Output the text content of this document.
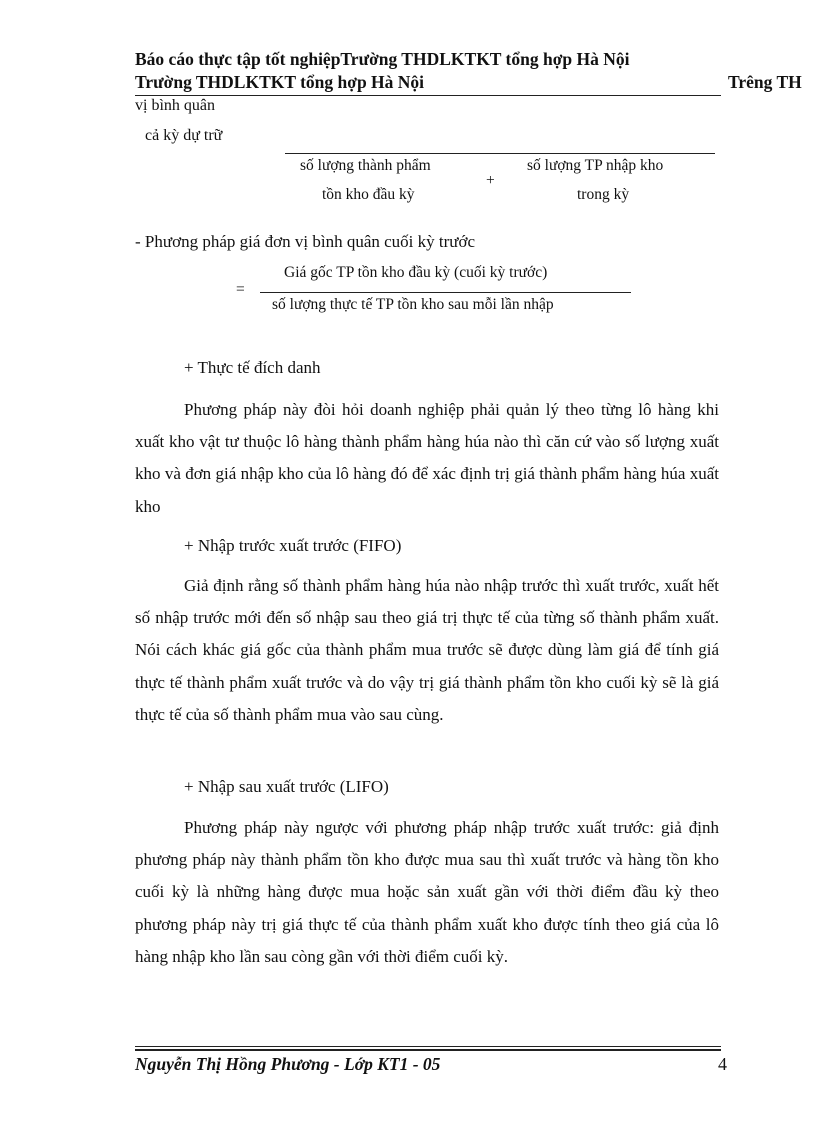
Báo cáo thực tập tốt nghiệpTrường THDLKTKT tổng hợp Hà Nội
Trường THDLKTKT tổng hợp Hà Nội	Trêng TH
vị bình quân
cả kỳ dự trữ
số lượng thành phẩm
tồn kho đầu kỳ
+
số lượng TP nhập kho
trong kỳ
- Phương pháp giá đơn vị bình quân cuối kỳ trước
=
Giá gốc TP tồn kho đầu kỳ (cuối kỳ trước)
số lượng thực tế TP tồn kho sau mỗi lần nhập
+ Thực tế đích danh
Phương pháp này đòi hỏi doanh nghiệp phải quản lý theo từng lô hàng khi xuất kho vật tư thuộc lô hàng thành phẩm hàng húa nào thì căn cứ vào số lượng xuất kho và đơn giá nhập kho của lô hàng đó để xác định trị giá thành phẩm hàng húa xuất kho
+ Nhập trước xuất trước (FIFO)
Giả định rằng số thành phẩm hàng húa nào nhập trước thì xuất trước, xuất hết số nhập trước mới đến số nhập sau theo giá trị thực tế của từng số thành phẩm xuất. Nói cách khác giá gốc của thành phẩm mua trước sẽ được dùng làm giá để tính giá thực tế thành phẩm xuất trước và do vậy trị giá thành phẩm tồn kho cuối kỳ sẽ là giá thực tế của số thành phẩm mua vào sau cùng.
+ Nhập sau xuất trước (LIFO)
Phương pháp này ngược với phương pháp nhập trước xuất trước: giả định phương pháp này thành phẩm tồn kho được mua sau thì xuất trước và hàng tồn kho cuối kỳ là những hàng được mua hoặc sản xuất gần với thời điểm đầu kỳ theo phương pháp này trị giá thực tế của thành phẩm xuất kho được tính theo giá của lô hàng nhập kho lần sau còng gần với thời điểm cuối kỳ.
Nguyễn Thị Hồng Phương - Lớp KT1 - 05	4
